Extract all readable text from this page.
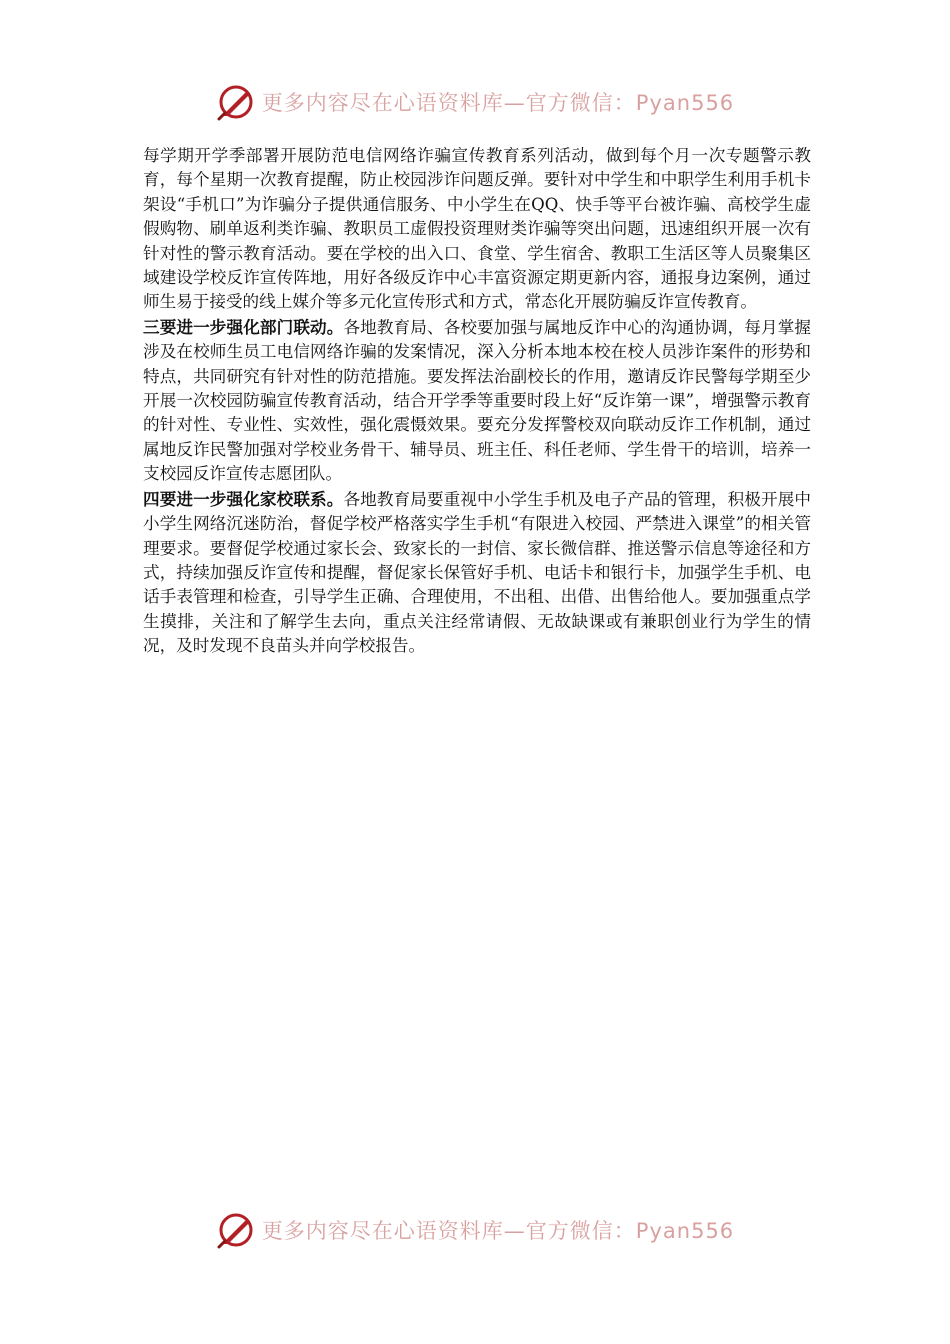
更多内容尽在心语资料库—官方微信：Pyan556

每学期开学季部署开展防范电信网络诈骗宣传教育系列活动，做到每个月一次专题警示教育，每个星期一次教育提醒，防止校园涉诈问题反弹。要针对中学生和中职学生利用手机卡架设“手机口”为诈骗分子提供通信服务、中小学生在QQ、快手等平台被诈骗、高校学生虚假购物、刷单返利类诈骗、教职员工虚假投资理财类诈骗等突出问题，迅速组织开展一次有针对性的警示教育活动。要在学校的出入口、食堂、学生宿舍、教职工生活区等人员聚集区域建设学校反诈宣传阵地，用好各级反诈中心丰富资源定期更新内容，通报身边案例，通过师生易于接受的线上媒介等多元化宣传形式和方式，常态化开展防骗反诈宣传教育。

三要进一步强化部门联动。各地教育局、各校要加强与属地反诈中心的沟通协调，每月掌握涉及在校师生员工电信网络诈骗的发案情况，深入分析本地本校在校人员涉诈案件的形势和特点，共同研究有针对性的防范措施。要发挥法治副校长的作用，邀请反诈民警每学期至少开展一次校园防骗宣传教育活动，结合开学季等重要时段上好“反诈第一课”，增强警示教育的针对性、专业性、实效性，强化震慑效果。要充分发挥警校双向联动反诈工作机制，通过属地反诈民警加强对学校业务骨干、辅导员、班主任、科任老师、学生骨干的培训，培养一支校园反诈宣传志愿团队。

四要进一步强化家校联系。各地教育局要重视中小学生手机及电子产品的管理，积极开展中小学生网络沉迷防治，督促学校严格落实学生手机“有限进入校园、严禁进入课堂”的相关管理要求。要督促学校通过家长会、致家长的一封信、家长微信群、推送警示信息等途径和方式，持续加强反诈宣传和提醒，督促家长保管好手机、电话卡和银行卡，加强学生手机、电话手表管理和检查，引导学生正确、合理使用，不出租、出借、出售给他人。要加强重点学生摸排，关注和了解学生去向，重点关注经常请假、无故缺课或有兼职创业行为学生的情况，及时发现不良苗头并向学校报告。

更多内容尽在心语资料库—官方微信：Pyan556
